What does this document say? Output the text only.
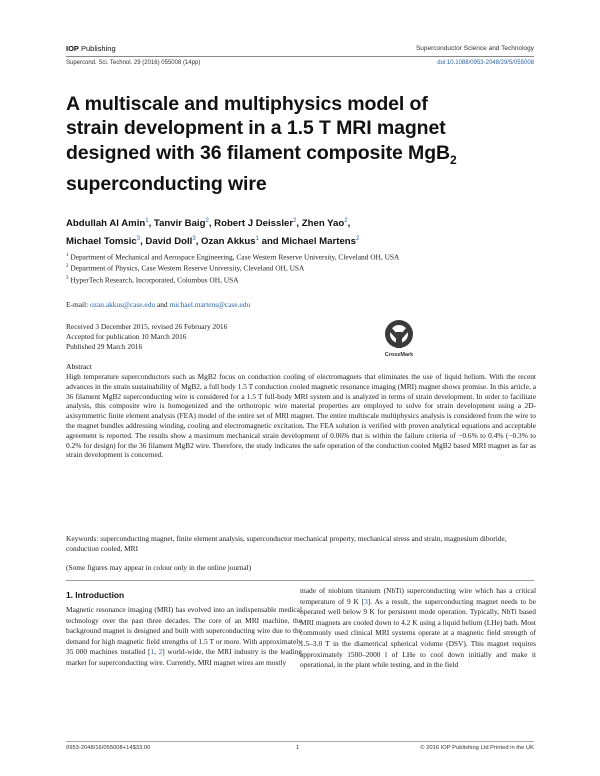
IOP Publishing	Superconductor Science and Technology
Supercond. Sci. Technol. 29 (2016) 055008 (14pp)	doi:10.1088/0953-2048/29/5/055008
A multiscale and multiphysics model of
strain development in a 1.5 T MRI magnet
designed with 36 filament composite MgB$_2$
superconducting wire
Abdullah Al Amin$^1$, Tanvir Baig$^2$, Robert J Deissler$^2$, Zhen Yao$^2$,
Michael Tomsic$^3$, David Doll$^3$, Ozan Akkus$^1$ and Michael Martens$^2$
$^1$ Department of Mechanical and Aerospace Engineering, Case Western Reserve University, Cleveland OH, USA
$^2$ Department of Physics, Case Western Reserve University, Cleveland OH, USA
$^3$ HyperTech Research, Incorporated, Columbus OH, USA
E-mail: ozan.akkus@case.edu and michael.martens@case.edu
Received 3 December 2015, revised 26 February 2016
Accepted for publication 10 March 2016
Published 29 March 2016
CrossMark
Abstract
High temperature superconductors such as MgB2 focus on conduction cooling of electromagnets that eliminates the use of liquid helium. With the recent advances in the strain sustainability of MgB2, a full body 1.5 T conduction cooled magnetic resonance imaging (MRI) magnet shows promise. In this article, a 36 filament MgB2 superconducting wire is considered for a 1.5 T full-body MRI system and is analyzed in terms of strain development. In order to facilitate analysis, this composite wire is homogenized and the orthotropic wire material properties are employed to solve for strain development using a 2D-axisymmetric finite element analysis (FEA) model of the entire set of MRI magnet. The entire multiscale multiphysics analysis is considered from the wire to the magnet bundles addressing winding, cooling and electromagnetic excitation. The FEA solution is verified with proven analytical equations and acceptable agreement is reported. The results show a maximum mechanical strain development of 0.06% that is within the failure criteria of −0.6% to 0.4% (−0.3% to 0.2% for design) for the 36 filament MgB2 wire. Therefore, the study indicates the safe operation of the conduction cooled MgB2 based MRI magnet as far as strain development is concerned.
Keywords: superconducting magnet, finite element analysis, superconductor mechanical property, mechanical stress and strain, magnesium diboride, conduction cooled, MRI
(Some figures may appear in colour only in the online journal)
1. Introduction

Magnetic resonance imaging (MRI) has evolved into an indispensable medical technology over the past three decades. The core of an MRI machine, the background magnet is designed and built with superconducting wire due to the demand for high magnetic field strengths of 1.5 T or more. With approximately 35 000 machines installed [1, 2] world-wide, the MRI industry is the leading market for superconducting wire. Currently, MRI magnet wires are mostly

made of niobium titanium (NbTi) superconducting wire which has a critical temperature of 9 K [3]. As a result, the superconducting magnet needs to be operated well below 9 K for persistent mode operation. Typically, NbTi based MRI magnets are cooled down to 4.2 K using a liquid helium (LHe) bath. Most commonly used clinical MRI systems operate at a magnetic field strength of 1.5–3.0 T in the diametrical spherical volume (DSV). This magnet requires approximately 1500–2000 l of LHe to cool down initially and make it operational, in the plant while testing, and in the field

0953-2048/16/055008+14$33.00	1	© 2016 IOP Publishing Ltd Printed in the UK
